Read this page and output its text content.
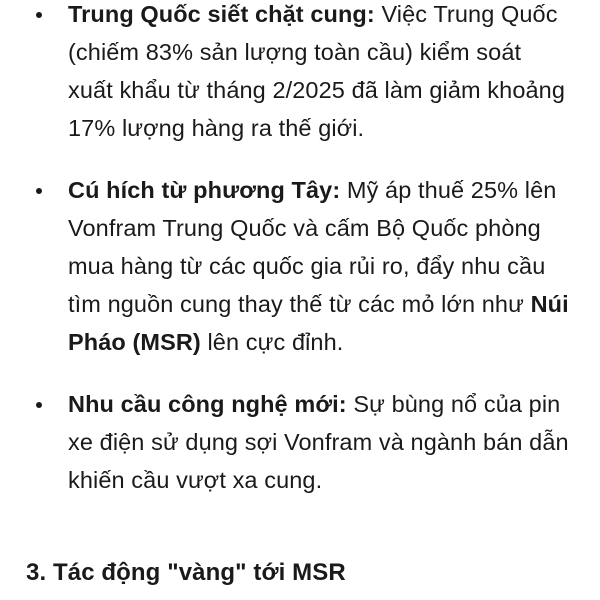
Trung Quốc siết chặt cung: Việc Trung Quốc (chiếm 83% sản lượng toàn cầu) kiểm soát xuất khẩu từ tháng 2/2025 đã làm giảm khoảng 17% lượng hàng ra thế giới.
Cú hích từ phương Tây: Mỹ áp thuế 25% lên Vonfram Trung Quốc và cấm Bộ Quốc phòng mua hàng từ các quốc gia rủi ro, đẩy nhu cầu tìm nguồn cung thay thế từ các mỏ lớn như Núi Pháo (MSR) lên cực đỉnh.
Nhu cầu công nghệ mới: Sự bùng nổ của pin xe điện sử dụng sợi Vonfram và ngành bán dẫn khiến cầu vượt xa cung.
3. Tác động "vàng" tới MSR
